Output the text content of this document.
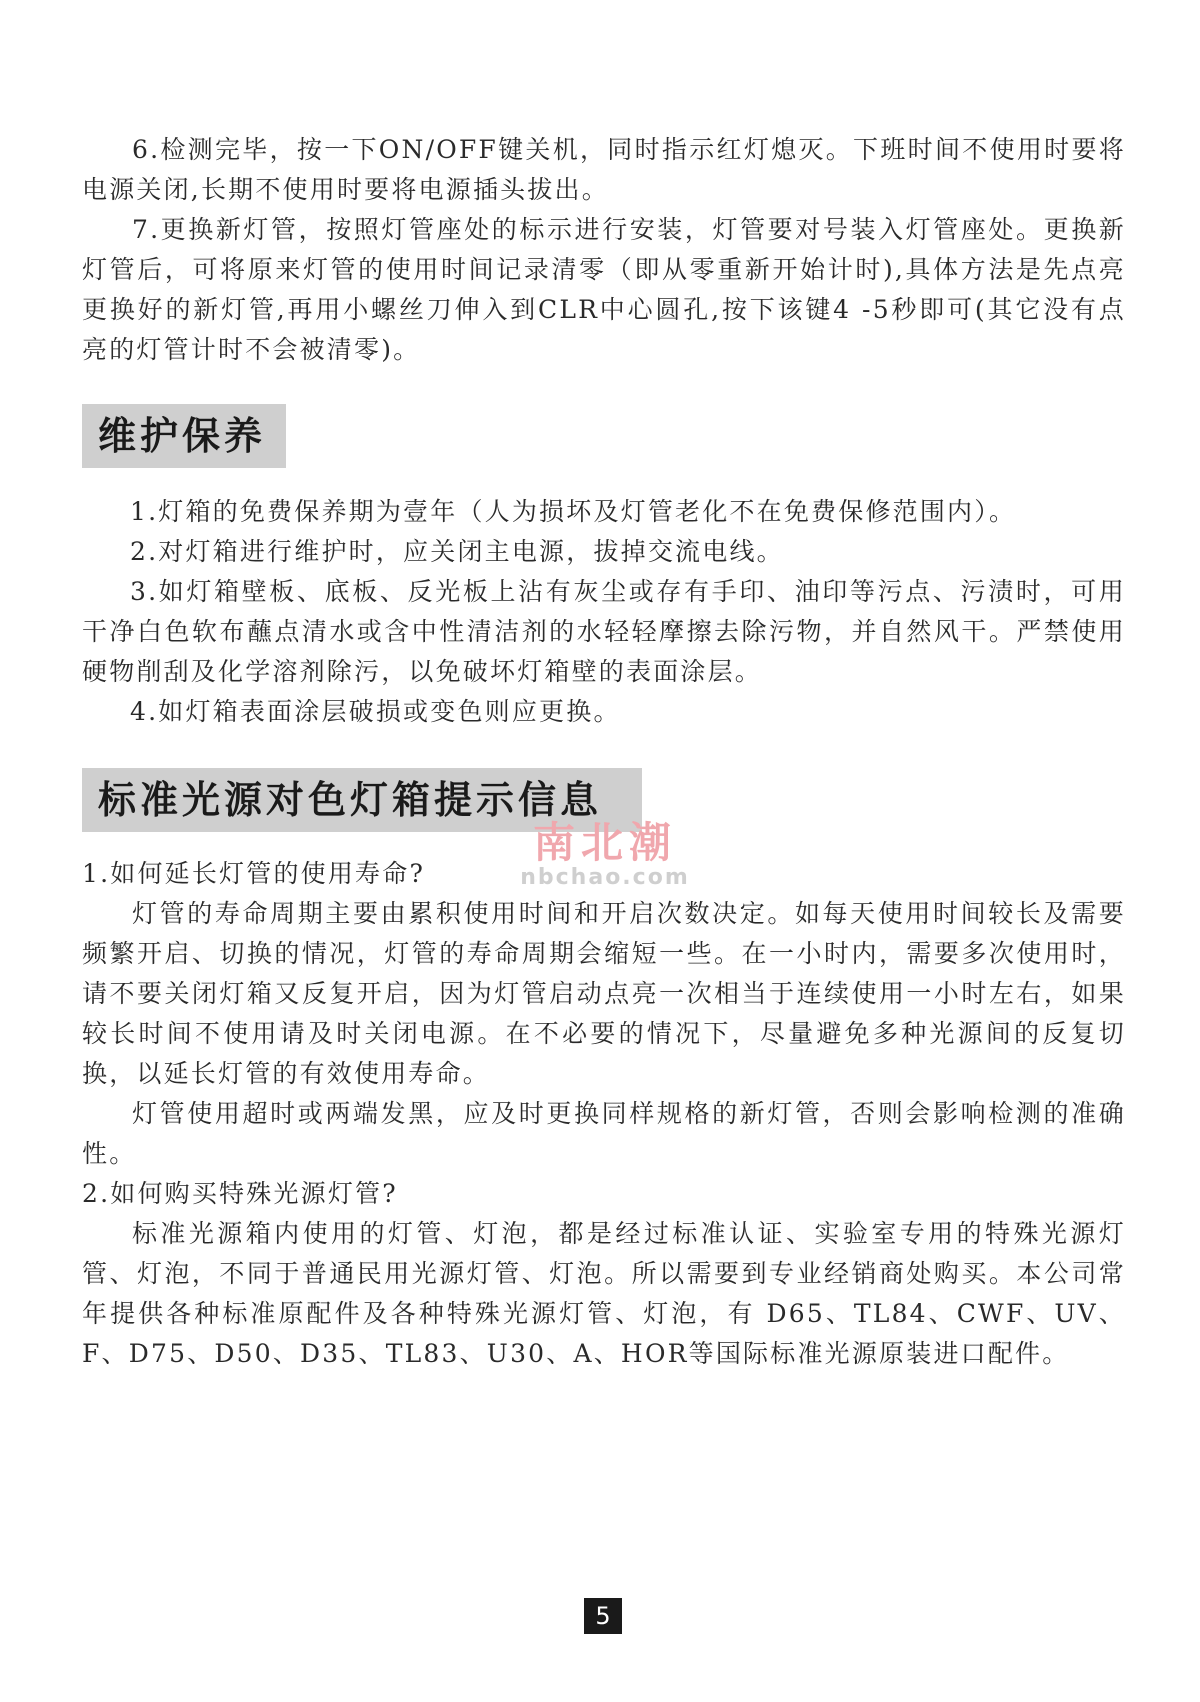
6.检测完毕，按一下ON/OFF键关机，同时指示红灯熄灭。下班时间不使用时要将电源关闭,长期不使用时要将电源插头拔出。

7.更换新灯管，按照灯管座处的标示进行安装，灯管要对号装入灯管座处。更换新灯管后，可将原来灯管的使用时间记录清零（即从零重新开始计时),具体方法是先点亮更换好的新灯管,再用小螺丝刀伸入到CLR中心圆孔,按下该键4 -5秒即可(其它没有点亮的灯管计时不会被清零)。

维护保养

1.灯箱的免费保养期为壹年（人为损坏及灯管老化不在免费保修范围内）。

2.对灯箱进行维护时，应关闭主电源，拔掉交流电线。

3.如灯箱壁板、底板、反光板上沾有灰尘或存有手印、油印等污点、污渍时，可用干净白色软布蘸点清水或含中性清洁剂的水轻轻摩擦去除污物，并自然风干。严禁使用硬物削刮及化学溶剂除污，以免破坏灯箱壁的表面涂层。

4.如灯箱表面涂层破损或变色则应更换。

标准光源对色灯箱提示信息
南北潮
nbchao.com

1.如何延长灯管的使用寿命?

灯管的寿命周期主要由累积使用时间和开启次数决定。如每天使用时间较长及需要频繁开启、切换的情况，灯管的寿命周期会缩短一些。在一小时内，需要多次使用时，请不要关闭灯箱又反复开启，因为灯管启动点亮一次相当于连续使用一小时左右，如果较长时间不使用请及时关闭电源。在不必要的情况下，尽量避免多种光源间的反复切换，以延长灯管的有效使用寿命。

灯管使用超时或两端发黑，应及时更换同样规格的新灯管，否则会影响检测的准确性。

2.如何购买特殊光源灯管?

标准光源箱内使用的灯管、灯泡，都是经过标准认证、实验室专用的特殊光源灯管、灯泡，不同于普通民用光源灯管、灯泡。所以需要到专业经销商处购买。本公司常年提供各种标准原配件及各种特殊光源灯管、灯泡，有 D65、TL84、CWF、UV、F、D75、D50、D35、TL83、U30、A、HOR等国际标准光源原装进口配件。

5
